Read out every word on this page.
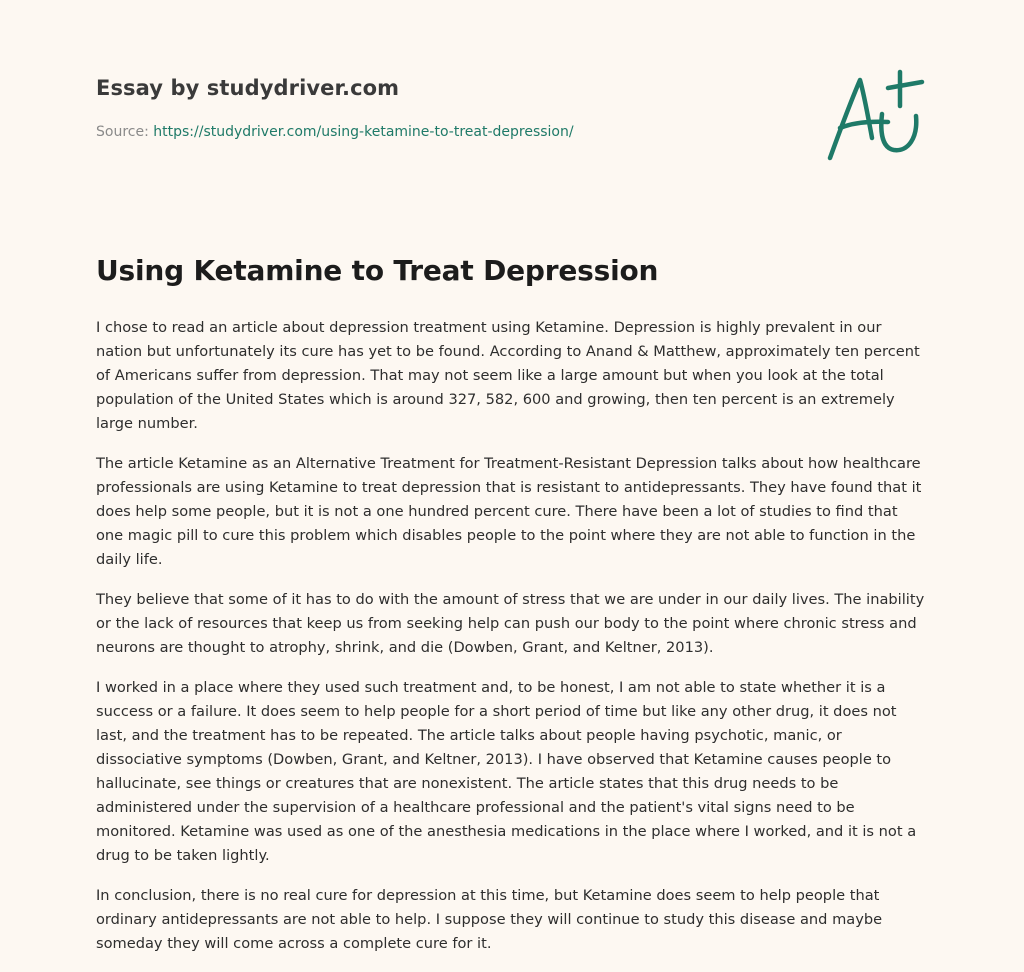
Essay by studydriver.com
Source: https://studydriver.com/using-ketamine-to-treat-depression/
Using Ketamine to Treat Depression

I chose to read an article about depression treatment using Ketamine. Depression is highly prevalent in our nation but unfortunately its cure has yet to be found. According to Anand & Matthew, approximately ten percent of Americans suffer from depression. That may not seem like a large amount but when you look at the total population of the United States which is around 327, 582, 600 and growing, then ten percent is an extremely large number.

The article Ketamine as an Alternative Treatment for Treatment-Resistant Depression talks about how healthcare professionals are using Ketamine to treat depression that is resistant to antidepressants. They have found that it does help some people, but it is not a one hundred percent cure. There have been a lot of studies to find that one magic pill to cure this problem which disables people to the point where they are not able to function in the daily life.

They believe that some of it has to do with the amount of stress that we are under in our daily lives. The inability or the lack of resources that keep us from seeking help can push our body to the point where chronic stress and neurons are thought to atrophy, shrink, and die (Dowben, Grant, and Keltner, 2013).

I worked in a place where they used such treatment and, to be honest, I am not able to state whether it is a success or a failure. It does seem to help people for a short period of time but like any other drug, it does not last, and the treatment has to be repeated. The article talks about people having psychotic, manic, or dissociative symptoms (Dowben, Grant, and Keltner, 2013). I have observed that Ketamine causes people to hallucinate, see things or creatures that are nonexistent. The article states that this drug needs to be administered under the supervision of a healthcare professional and the patient's vital signs need to be monitored. Ketamine was used as one of the anesthesia medications in the place where I worked, and it is not a drug to be taken lightly.

In conclusion, there is no real cure for depression at this time, but Ketamine does seem to help people that ordinary antidepressants are not able to help. I suppose they will continue to study this disease and maybe someday they will come across a complete cure for it.
